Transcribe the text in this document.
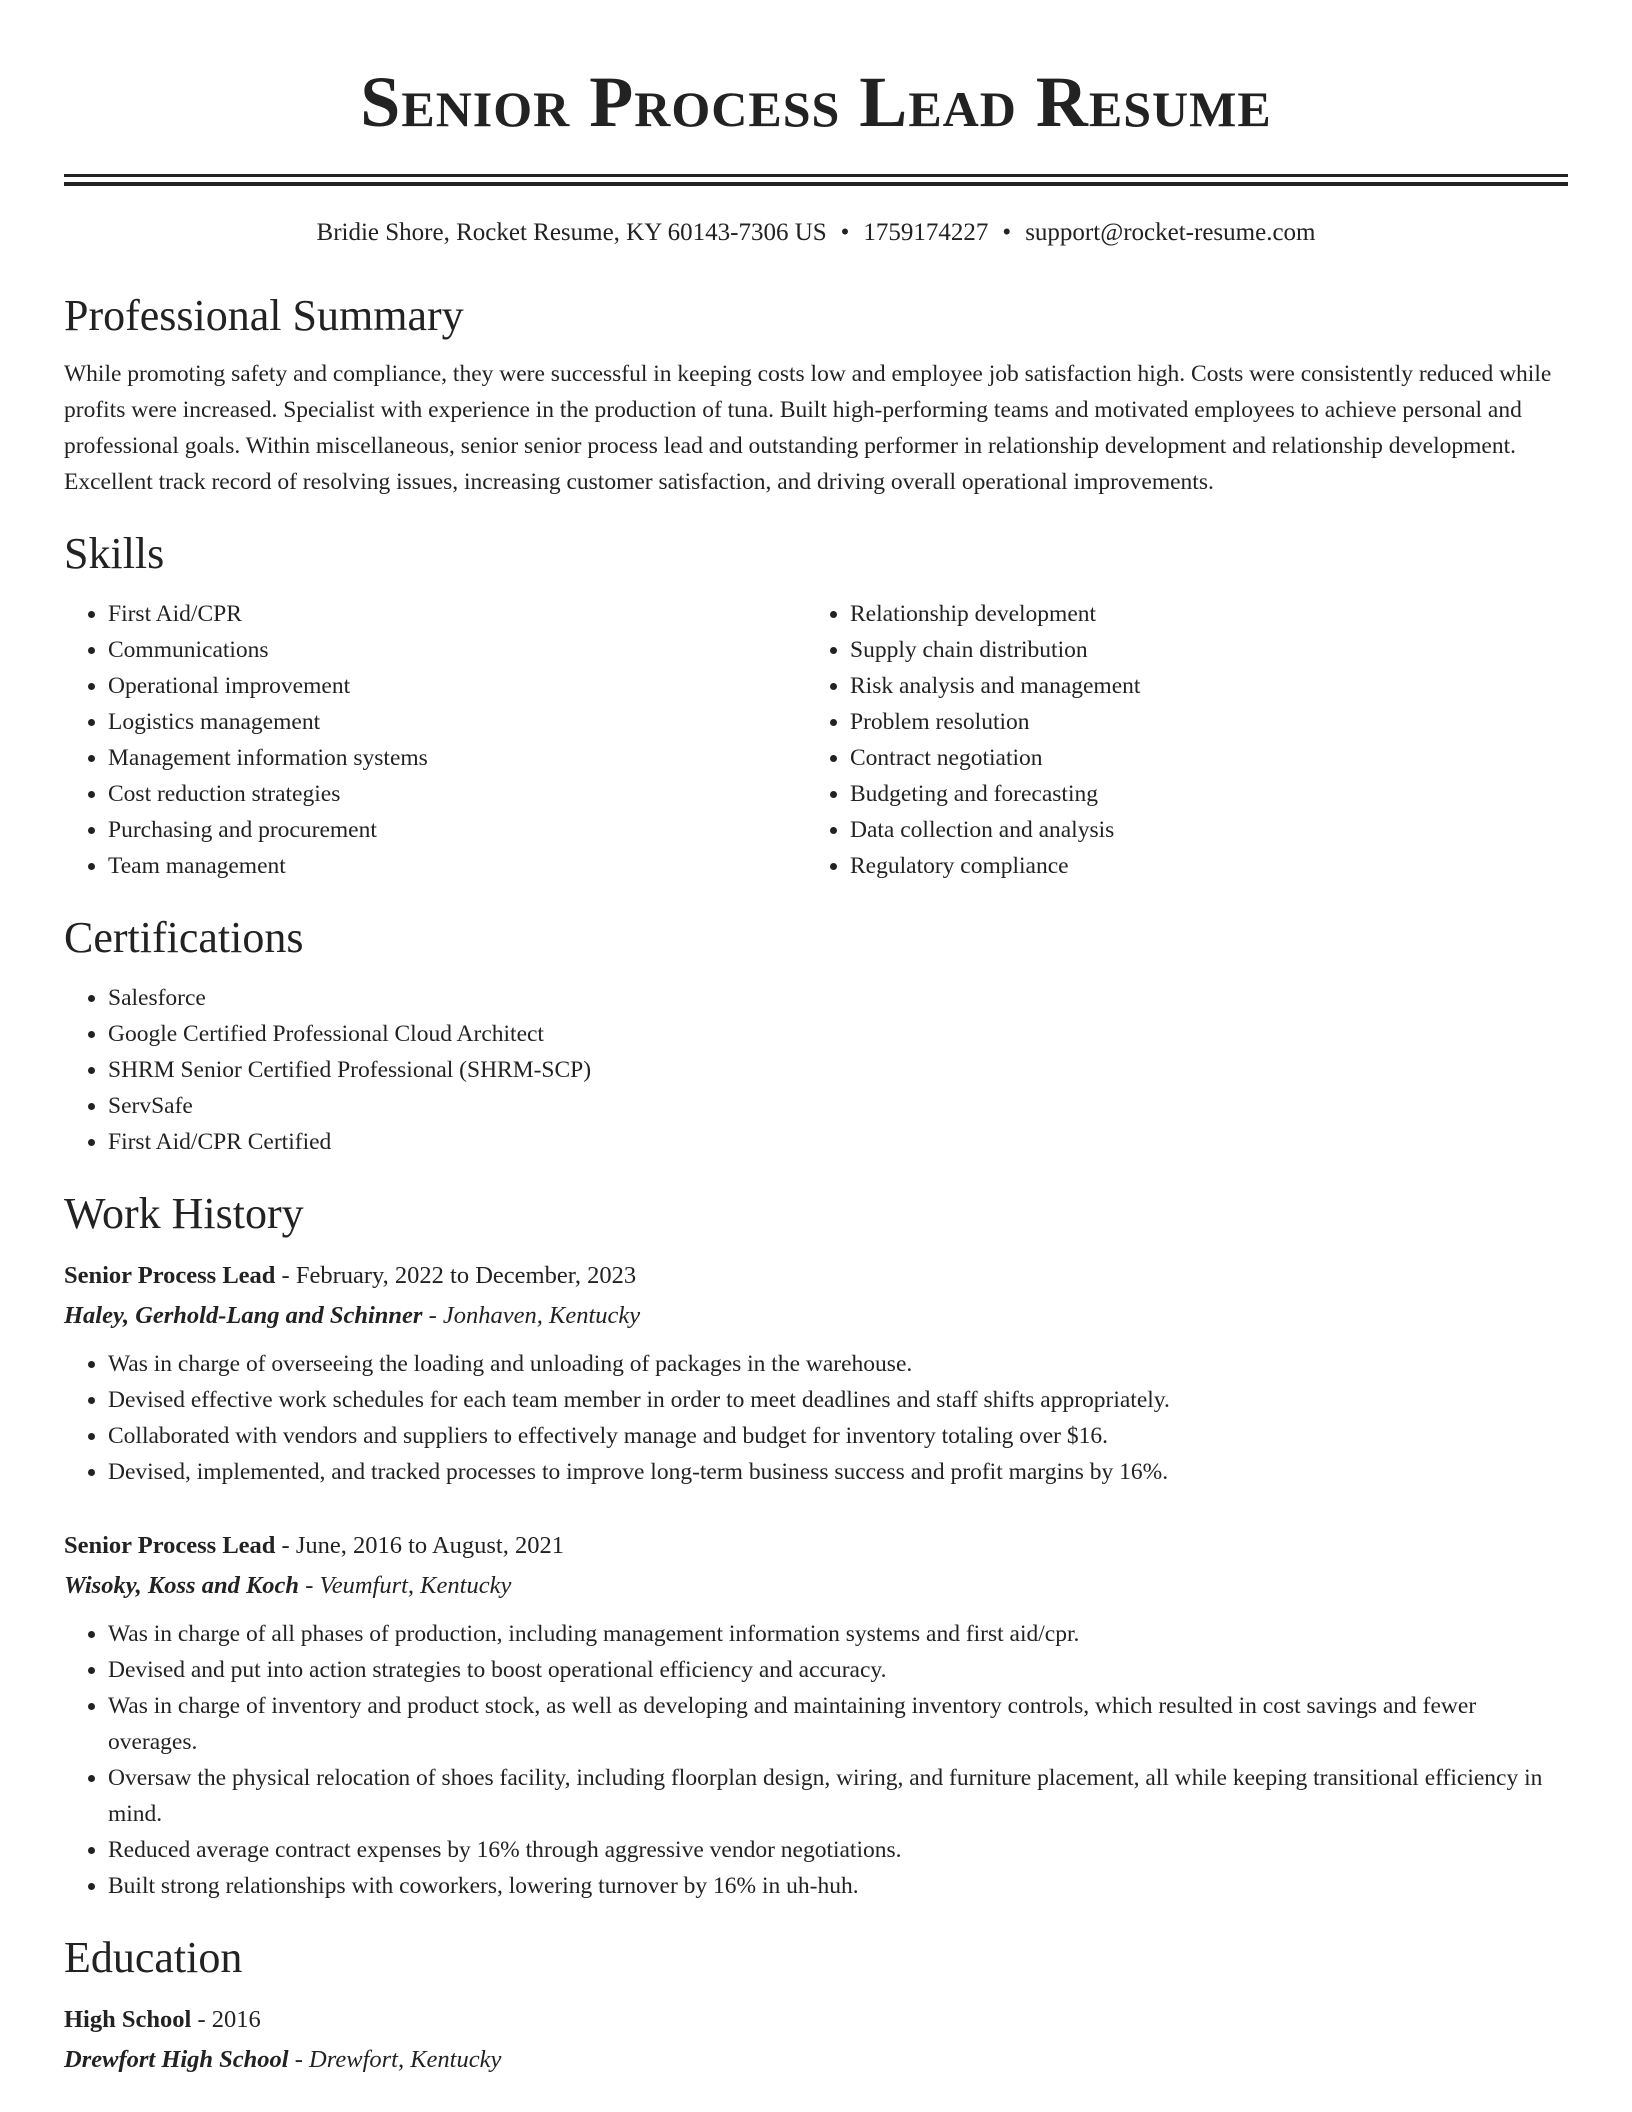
Senior Process Lead Resume
Bridie Shore, Rocket Resume, KY 60143-7306 US • 1759174227 • support@rocket-resume.com
Professional Summary

While promoting safety and compliance, they were successful in keeping costs low and employee job satisfaction high. Costs were consistently reduced while profits were increased. Specialist with experience in the production of tuna. Built high-performing teams and motivated employees to achieve personal and professional goals. Within miscellaneous, senior senior process lead and outstanding performer in relationship development and relationship development. Excellent track record of resolving issues, increasing customer satisfaction, and driving overall operational improvements.

Skills
• First Aid/CPR
• Communications
• Operational improvement
• Logistics management
• Management information systems
• Cost reduction strategies
• Purchasing and procurement
• Team management
• Relationship development
• Supply chain distribution
• Risk analysis and management
• Problem resolution
• Contract negotiation
• Budgeting and forecasting
• Data collection and analysis
• Regulatory compliance
Certifications
• Salesforce
• Google Certified Professional Cloud Architect
• SHRM Senior Certified Professional (SHRM-SCP)
• ServSafe
• First Aid/CPR Certified
Work History
Senior Process Lead - February, 2022 to December, 2023
Haley, Gerhold-Lang and Schinner - Jonhaven, Kentucky
• Was in charge of overseeing the loading and unloading of packages in the warehouse.
• Devised effective work schedules for each team member in order to meet deadlines and staff shifts appropriately.
• Collaborated with vendors and suppliers to effectively manage and budget for inventory totaling over $16.
• Devised, implemented, and tracked processes to improve long-term business success and profit margins by 16%.
Senior Process Lead - June, 2016 to August, 2021
Wisoky, Koss and Koch - Veumfurt, Kentucky
• Was in charge of all phases of production, including management information systems and first aid/cpr.
• Devised and put into action strategies to boost operational efficiency and accuracy.
• Was in charge of inventory and product stock, as well as developing and maintaining inventory controls, which resulted in cost savings and fewer overages.
• Oversaw the physical relocation of shoes facility, including floorplan design, wiring, and furniture placement, all while keeping transitional efficiency in mind.
• Reduced average contract expenses by 16% through aggressive vendor negotiations.
• Built strong relationships with coworkers, lowering turnover by 16% in uh-huh.
Education
High School - 2016
Drewfort High School - Drewfort, Kentucky
